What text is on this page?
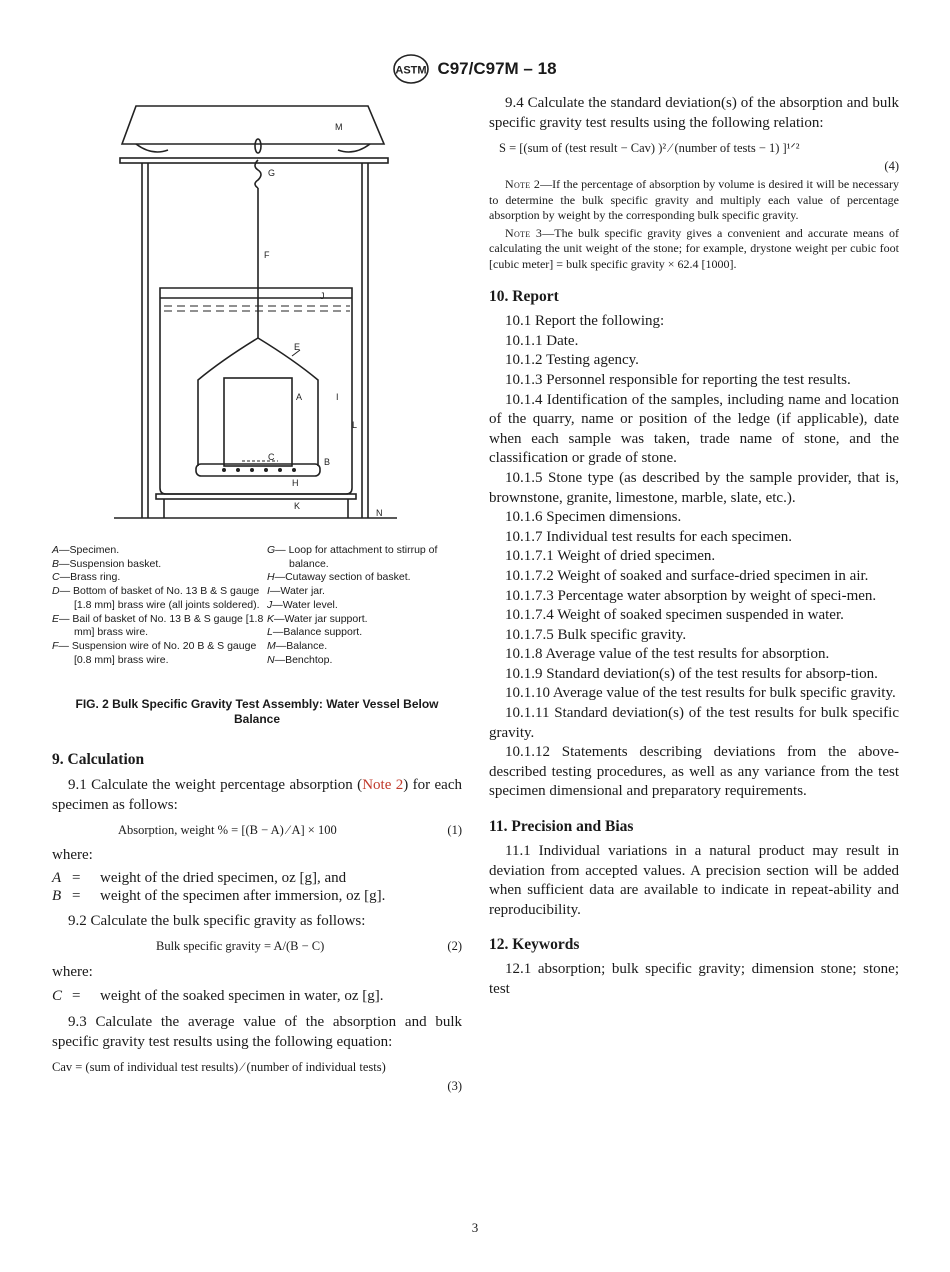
ASTM C97/C97M – 18
M
G
F
J
E
A	I
L
C	B
H
K
N
A—Specimen.
B—Suspension basket.
C—Brass ring.
D— Bottom of basket of No. 13 B & S gauge [1.8 mm] brass wire (all joints soldered).
E— Bail of basket of No. 13 B & S gauge [1.8 mm] brass wire.
F— Suspension wire of No. 20 B & S gauge [0.8 mm] brass wire.
G— Loop for attachment to stirrup of balance.
H—Cutaway section of basket.
I—Water jar.
J—Water level.
K—Water jar support.
L—Balance support.
M—Balance.
N—Benchtop.
FIG. 2 Bulk Specific Gravity Test Assembly: Water Vessel Below Balance
9. Calculation

9.1 Calculate the weight percentage absorption (Note 2) for each specimen as follows:

Absorption, weight % = [(B − A) ⁄ A] × 100	(1)

where:

A =	weight of the dried specimen, oz [g], and
B =	weight of the specimen after immersion, oz [g].

9.2 Calculate the bulk specific gravity as follows:

Bulk specific gravity = A/(B − C)	(2)

where:

C =	weight of the soaked specimen in water, oz [g].

9.3 Calculate the average value of the absorption and bulk specific gravity test results using the following equation:

Cav = (sum of individual test results) ⁄ (number of individual tests)
(3)

9.4 Calculate the standard deviation(s) of the absorption and bulk specific gravity test results using the following relation:

S = [(sum of (test result − Cav) )² ⁄ (number of tests − 1) ]¹ᐟ²
(4)

Note 2—If the percentage of absorption by volume is desired it will be necessary to determine the bulk specific gravity and multiply each value of percentage absorption by weight by the corresponding bulk specific gravity.

Note 3—The bulk specific gravity gives a convenient and accurate means of calculating the unit weight of the stone; for example, drystone weight per cubic foot [cubic meter] = bulk specific gravity × 62.4 [1000].

10. Report

10.1 Report the following:

10.1.1 Date.

10.1.2 Testing agency.

10.1.3 Personnel responsible for reporting the test results.

10.1.4 Identification of the samples, including name and location of the quarry, name or position of the ledge (if applicable), date when each sample was taken, trade name of stone, and the classification or grade of stone.

10.1.5 Stone type (as described by the sample provider, that is, brownstone, granite, limestone, marble, slate, etc.).

10.1.6 Specimen dimensions.

10.1.7 Individual test results for each specimen.

10.1.7.1 Weight of dried specimen.

10.1.7.2 Weight of soaked and surface-dried specimen in air.

10.1.7.3 Percentage water absorption by weight of speci-men.

10.1.7.4 Weight of soaked specimen suspended in water.

10.1.7.5 Bulk specific gravity.

10.1.8 Average value of the test results for absorption.

10.1.9 Standard deviation(s) of the test results for absorp-tion.

10.1.10 Average value of the test results for bulk specific gravity.

10.1.11 Standard deviation(s) of the test results for bulk specific gravity.

10.1.12 Statements describing deviations from the above-described testing procedures, as well as any variance from the test specimen dimensional and preparatory requirements.

11. Precision and Bias

11.1 Individual variations in a natural product may result in deviation from accepted values. A precision section will be added when sufficient data are available to indicate in repeat-ability and reproducibility.

12. Keywords

12.1 absorption; bulk specific gravity; dimension stone; stone; test

3
